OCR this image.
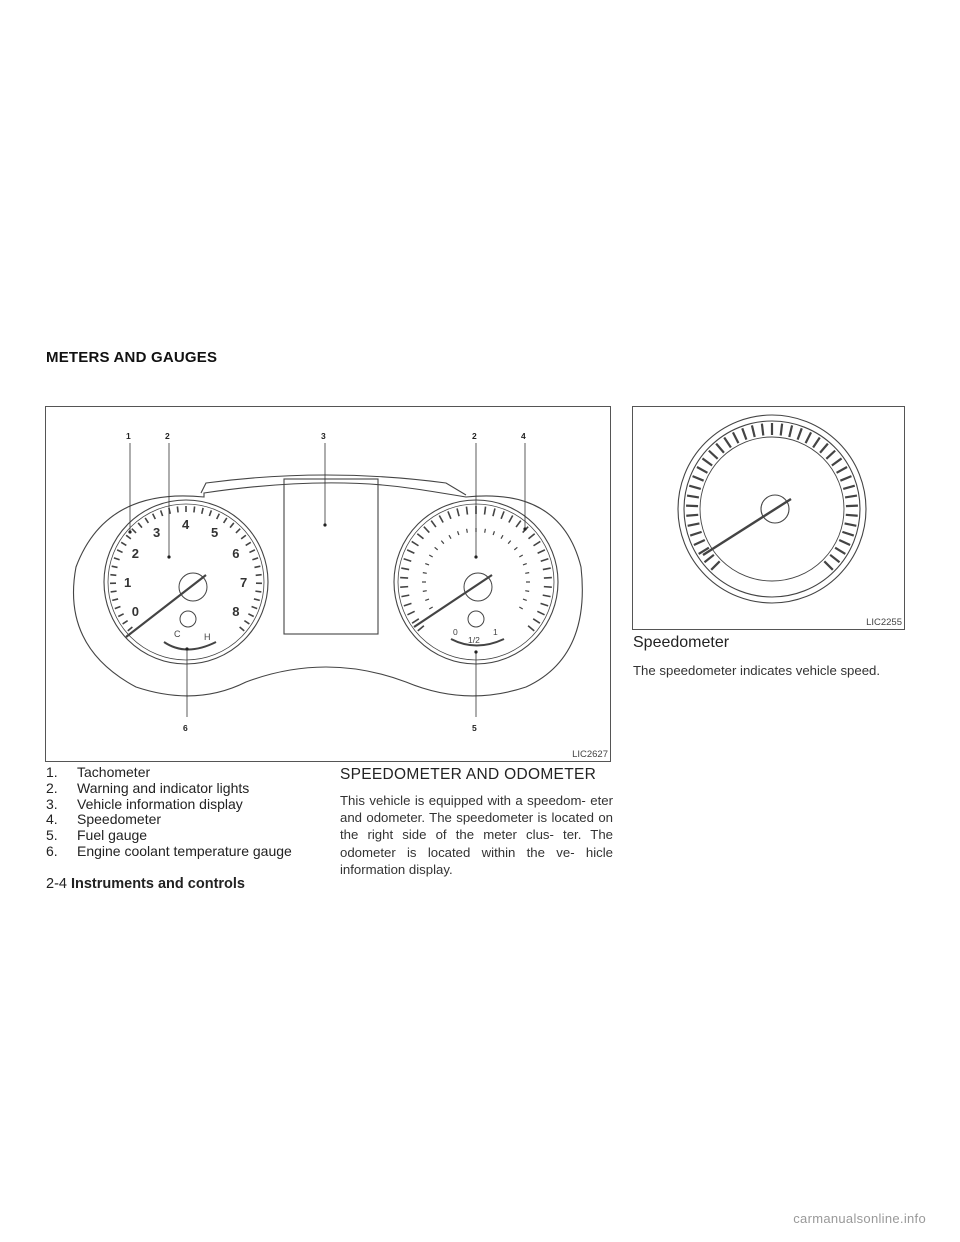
METERS AND GAUGES
0
1
2
3
4
5
6
7
8
C	H	0
1/2
1
1	2	3	2	4
6	5
LIC2627
LIC2255
1.	Tachometer
2.	Warning and indicator lights
3.	Vehicle information display
4.	Speedometer
5.	Fuel gauge
6.	Engine coolant temperature gauge
SPEEDOMETER AND ODOMETER
This vehicle is equipped with a speedom- eter and odometer. The speedometer is located on the right side of the meter clus- ter. The odometer is located within the ve- hicle information display.
Speedometer
The speedometer indicates vehicle speed.
2-4 Instruments and controls
carmanualsonline.info
